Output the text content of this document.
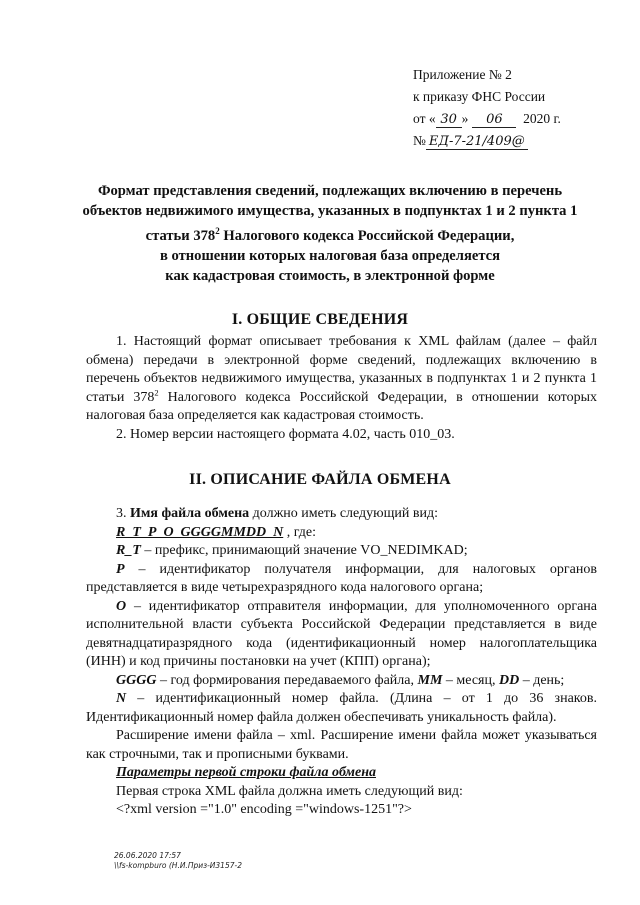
Приложение № 2
к приказу ФНС России
от « 30 » 06 2020 г.
№ ЕД-7-21/409@
Формат представления сведений, подлежащих включению в перечень
объектов недвижимого имущества, указанных в подпунктах 1 и 2 пункта 1
статьи $378^2$ Налогового кодекса Российской Федерации,
в отношении которых налоговая база определяется
как кадастровая стоимость, в электронной форме
I. ОБЩИЕ СВЕДЕНИЯ
1. Настоящий формат описывает требования к XML файлам (далее – файл обмена) передачи в электронной форме сведений, подлежащих включению в перечень объектов недвижимого имущества, указанных в подпунктах 1 и 2 пункта 1 статьи $378^2$ Налогового кодекса Российской Федерации, в отношении которых налоговая база определяется как кадастровая стоимость.
2. Номер версии настоящего формата 4.02, часть 010_03.
II. ОПИСАНИЕ ФАЙЛА ОБМЕНА
3. Имя файла обмена должно иметь следующий вид:
R_T_P_O_GGGGMMDD_N , где:
R_T – префикс, принимающий значение VO_NEDIMKAD;
P – идентификатор получателя информации, для налоговых органов представляется в виде четырехразрядного кода налогового органа;
O – идентификатор отправителя информации, для уполномоченного органа исполнительной власти субъекта Российской Федерации представляется в виде девятнадцатиразрядного кода (идентификационный номер налогоплательщика (ИНН) и код причины постановки на учет (КПП) органа);
GGGG – год формирования передаваемого файла, MM – месяц, DD – день;
N – идентификационный номер файла. (Длина – от 1 до 36 знаков. Идентификационный номер файла должен обеспечивать уникальность файла).
Расширение имени файла – xml. Расширение имени файла может указываться как строчными, так и прописными буквами.
Параметры первой строки файла обмена
Первая строка XML файла должна иметь следующий вид:
<?xml version ="1.0" encoding ="windows-1251"?>
26.06.2020 17:57
\\fs-kompburo (Н.И.Приз-И3157-2
